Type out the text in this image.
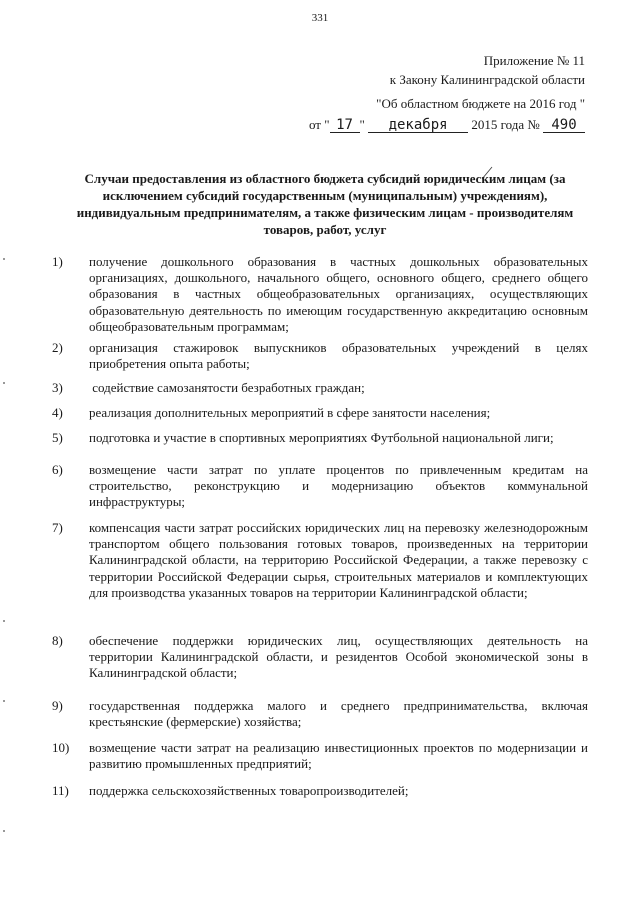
331
Приложение № 11
к Закону Калининградской области
"Об областном бюджете на 2016 год "
от " 17 " декабря 2015 года № 490
Случаи предоставления из областного бюджета субсидий юридическим лицам (за исключением субсидий государственным (муниципальным) учреждениям), индивидуальным предпринимателям, а также физическим лицам - производителям товаров, работ, услуг
1) получение дошкольного образования в частных дошкольных образовательных организациях, дошкольного, начального общего, основного общего, среднего общего образования в частных общеобразовательных организациях, осуществляющих образовательную деятельность по имеющим государственную аккредитацию основным общеобразовательным программам;
2) организация стажировок выпускников образовательных учреждений в целях приобретения опыта работы;
3) содействие самозанятости безработных граждан;
4) реализация дополнительных мероприятий в сфере занятости населения;
5) подготовка и участие в спортивных мероприятиях Футбольной национальной лиги;
6) возмещение части затрат по уплате процентов по привлеченным кредитам на строительство, реконструкцию и модернизацию объектов коммунальной инфраструктуры;
7) компенсация части затрат российских юридических лиц на перевозку железнодорожным транспортом общего пользования готовых товаров, произведенных на территории Калининградской области, на территорию Российской Федерации, а также перевозку с территории Российской Федерации сырья, строительных материалов и комплектующих для производства указанных товаров на территории Калининградской области;
8) обеспечение поддержки юридических лиц, осуществляющих деятельность на территории Калининградской области, и резидентов Особой экономической зоны в Калининградской области;
9) государственная поддержка малого и среднего предпринимательства, включая крестьянские (фермерские) хозяйства;
10) возмещение части затрат на реализацию инвестиционных проектов по модернизации и развитию промышленных предприятий;
11) поддержка сельскохозяйственных товаропроизводителей;
